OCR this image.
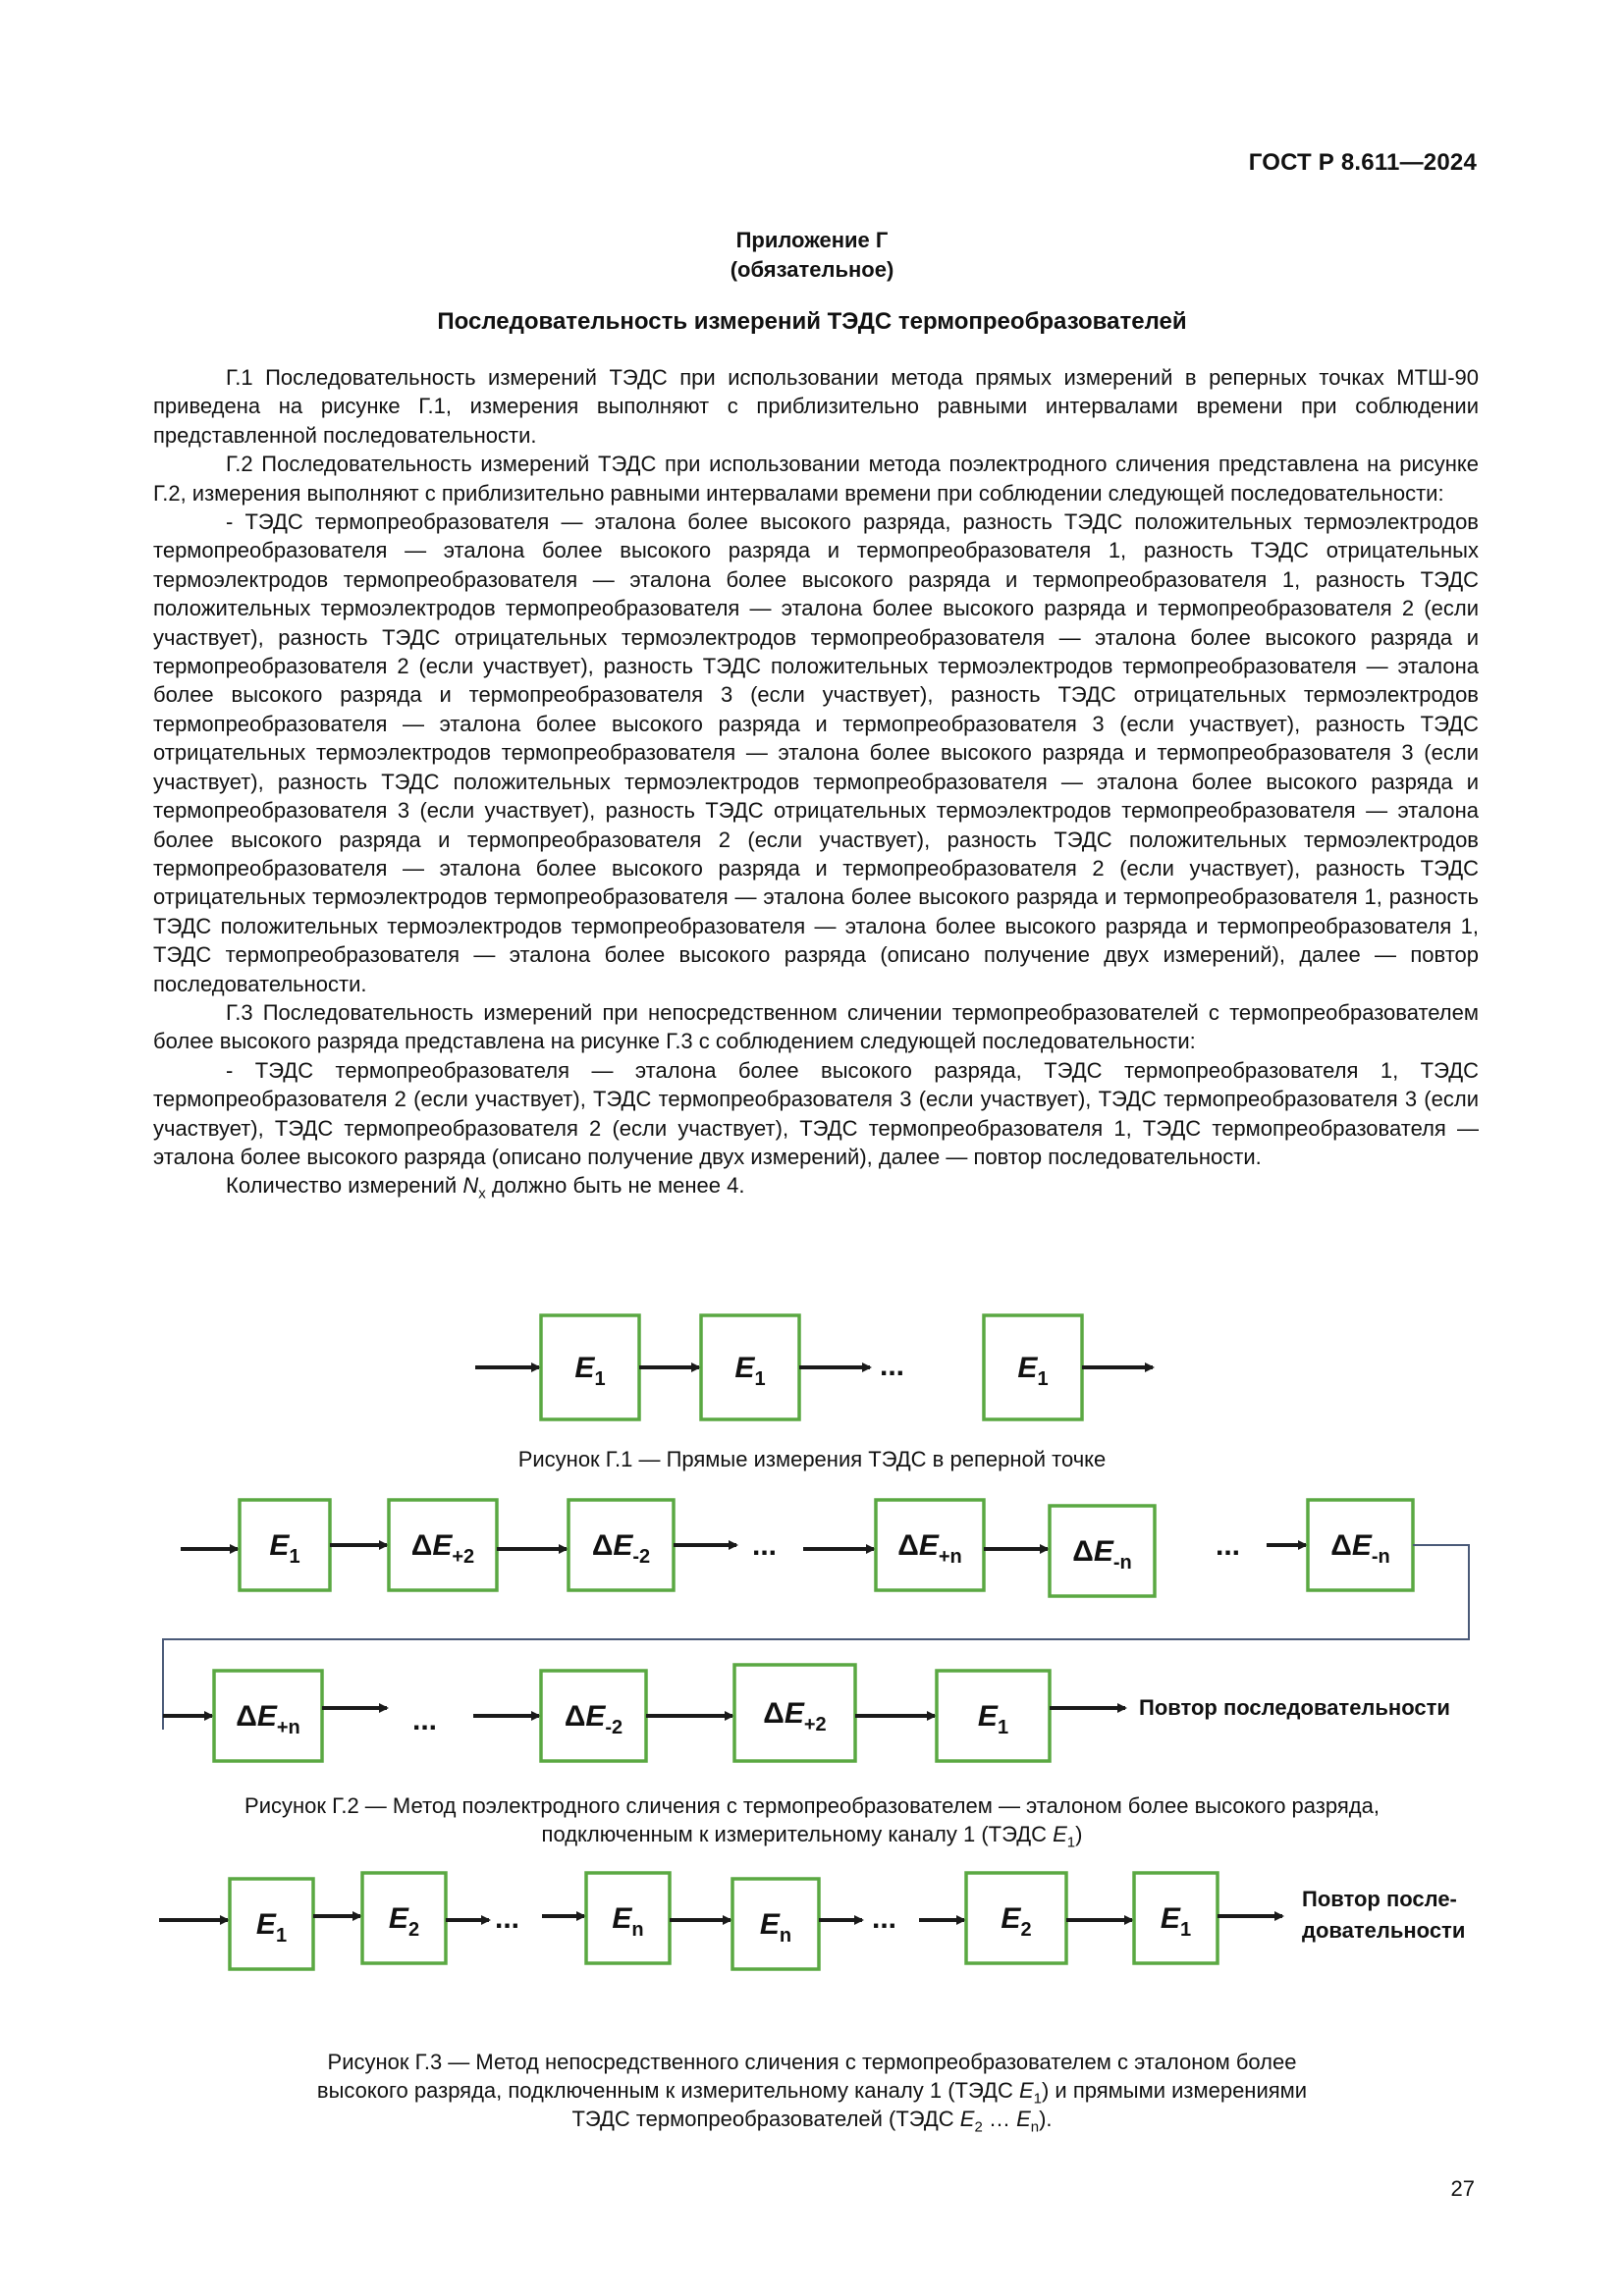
ГОСТ Р 8.611—2024
Приложение Г
(обязательное)
Последовательность измерений ТЭДС термопреобразователей

Г.1 Последовательность измерений ТЭДС при использовании метода прямых измерений в реперных точках МТШ-90 приведена на рисунке Г.1, измерения выполняют с приблизительно равными интервалами времени при соблюдении представленной последовательности.

Г.2 Последовательность измерений ТЭДС при использовании метода поэлектродного сличения представлена на рисунке Г.2, измерения выполняют с приблизительно равными интервалами времени при соблюдении следующей последовательности:

- ТЭДС термопреобразователя — эталона более высокого разряда, разность ТЭДС положительных термоэлектродов термопреобразователя — эталона более высокого разряда и термопреобразователя 1, разность ТЭДС отрицательных термоэлектродов термопреобразователя — эталона более высокого разряда и термопреобразователя 1, разность ТЭДС положительных термоэлектродов термопреобразователя — эталона более высокого разряда и термопреобразователя 2 (если участвует), разность ТЭДС отрицательных термоэлектродов термопреобразователя — эталона более высокого разряда и термопреобразователя 2 (если участвует), разность ТЭДС положительных термоэлектродов термопреобразователя — эталона более высокого разряда и термопреобразователя 3 (если участвует), разность ТЭДС отрицательных термоэлектродов термопреобразователя — эталона более высокого разряда и термопреобразователя 3 (если участвует), разность ТЭДС отрицательных термоэлектродов термопреобразователя — эталона более высокого разряда и термопреобразователя 3 (если участвует), разность ТЭДС положительных термоэлектродов термопреобразователя — эталона более высокого разряда и термопреобразователя 3 (если участвует), разность ТЭДС отрицательных термоэлектродов термопреобразователя — эталона более высокого разряда и термопреобразователя 2 (если участвует), разность ТЭДС положительных термоэлектродов термопреобразователя — эталона более высокого разряда и термопреобразователя 2 (если участвует), разность ТЭДС отрицательных термоэлектродов термопреобразователя — эталона более высокого разряда и термопреобразователя 1, разность ТЭДС положительных термоэлектродов термопреобразователя — эталона более высокого разряда и термопреобразователя 1, ТЭДС термопреобразователя — эталона более высокого разряда (описано получение двух измерений), далее — повтор последовательности.

Г.3 Последовательность измерений при непосредственном сличении термопреобразователей с термопреобразователем более высокого разряда представлена на рисунке Г.3 с соблюдением следующей последовательности:

- ТЭДС термопреобразователя — эталона более высокого разряда, ТЭДС термопреобразователя 1, ТЭДС термопреобразователя 2 (если участвует), ТЭДС термопреобразователя 3 (если участвует), ТЭДС термопреобразователя 3 (если участвует), ТЭДС термопреобразователя 2 (если участвует), ТЭДС термопреобразователя 1, ТЭДС термопреобразователя — эталона более высокого разряда (описано получение двух измерений), далее — повтор последовательности.

Количество измерений $N_x$ должно быть не менее 4.

$E_1$	$E_1$	...	$E_1$
$E_1$	$\Delta E_{+2}$	$\Delta E_{-2}$	...	$\Delta E_{+n}$	$\Delta E_{-n}$
...	$\Delta E_{-n}$
$\Delta E_{+n}$	...	$\Delta E_{-2}$	$\Delta E_{+2}$	$E_1$
Повтор последовательности
$E_1$
$E_2$	...	$E_n$	$E_n$
...	$E_2$	$E_1$
Повтор после-
довательности
Рисунок Г.1 — Прямые измерения ТЭДС в реперной точке
Рисунок Г.2 — Метод поэлектродного сличения с термопреобразователем — эталоном более высокого разряда,
подключенным к измерительному каналу 1 (ТЭДС $E_1$)
Рисунок Г.3 — Метод непосредственного сличения с термопреобразователем с эталоном более
высокого разряда, подключенным к измерительному каналу 1 (ТЭДС $E_1$) и прямыми измерениями
ТЭДС термопреобразователей (ТЭДС $E_2$ … $E_n$).
27
